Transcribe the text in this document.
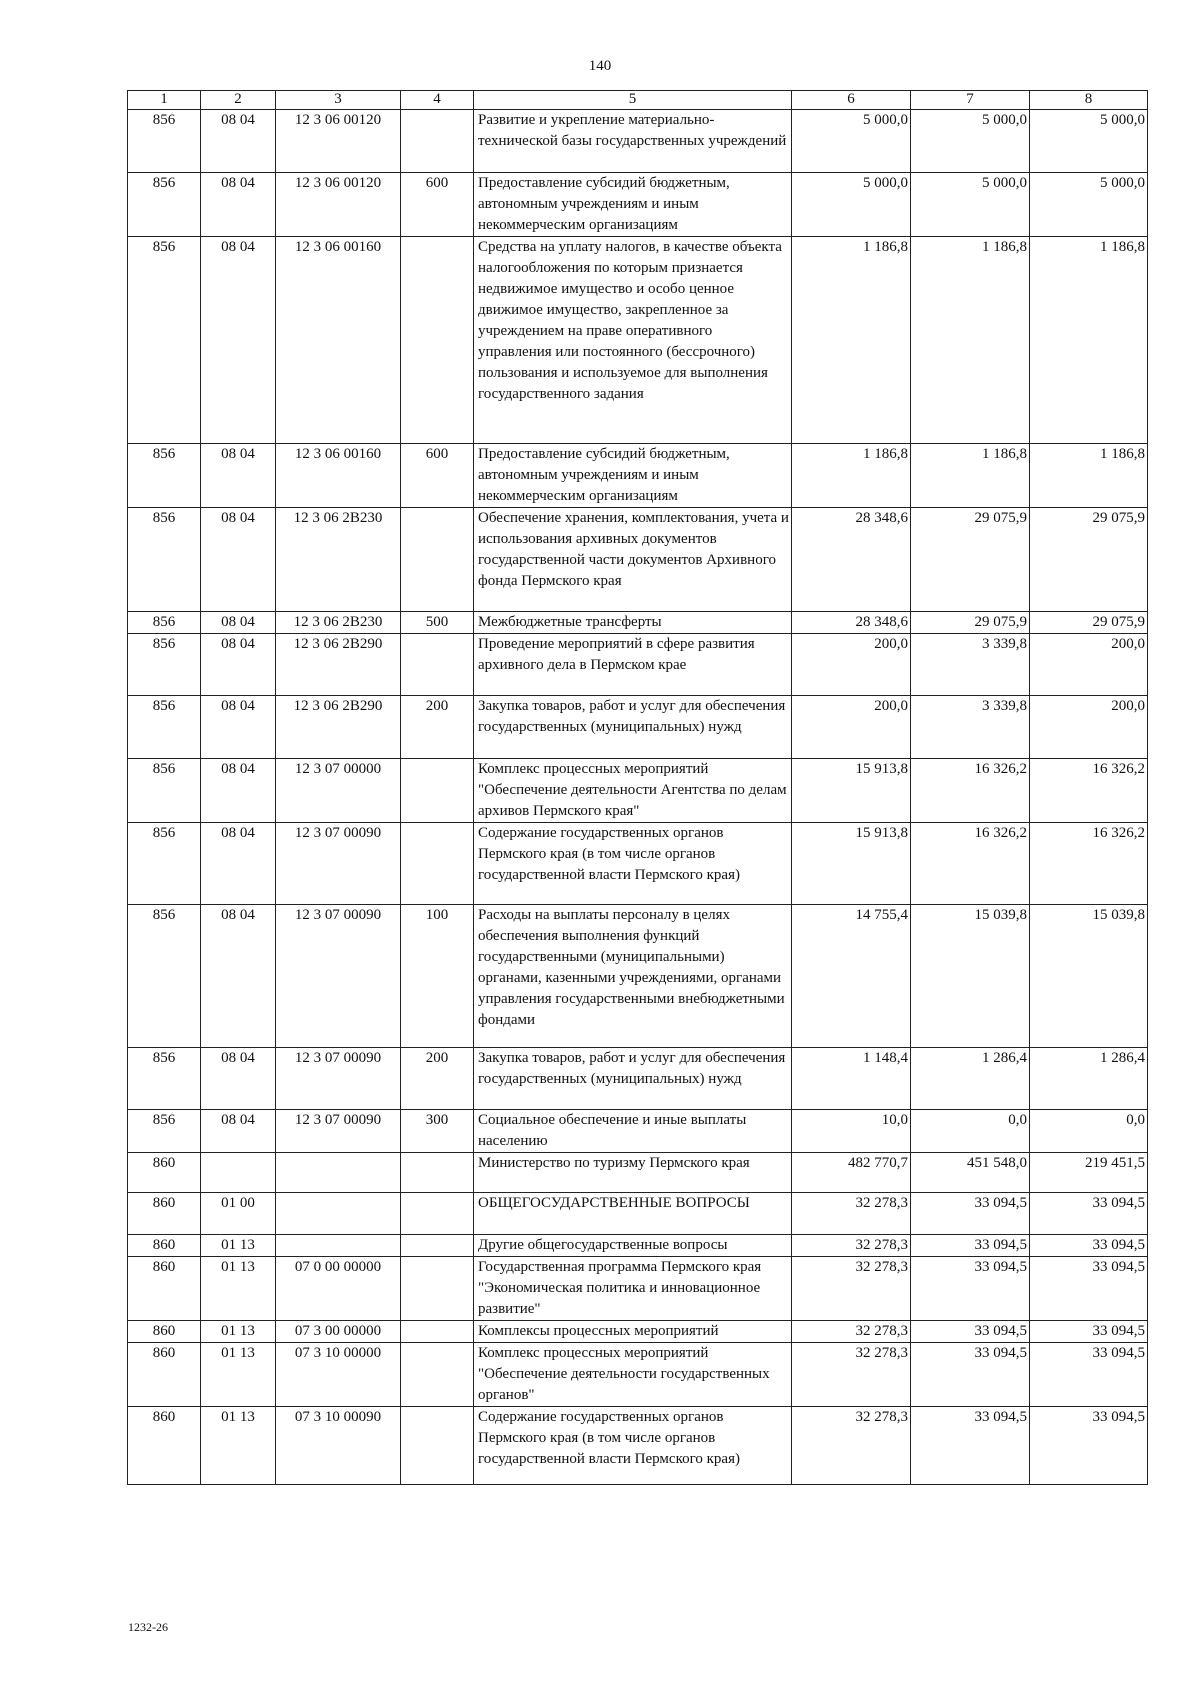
140
1	2	3	4	5	6	7	8
856	08 04	12 3 06 00120		Развитие и укрепление материально-технической базы государственных учреждений	5 000,0	5 000,0	5 000,0
856	08 04	12 3 06 00120	600	Предоставление субсидий бюджетным, автономным учреждениям и иным некоммерческим организациям	5 000,0	5 000,0	5 000,0
856	08 04	12 3 06 00160		Средства на уплату налогов, в качестве объекта налогообложения по которым признается недвижимое имущество и особо ценное движимое имущество, закрепленное за учреждением на праве оперативного управления или постоянного (бессрочного) пользования и используемое для выполнения государственного задания	1 186,8	1 186,8	1 186,8
856	08 04	12 3 06 00160	600	Предоставление субсидий бюджетным, автономным учреждениям и иным некоммерческим организациям	1 186,8	1 186,8	1 186,8
856	08 04	12 3 06 2В230		Обеспечение хранения, комплектования, учета и использования архивных документов государственной части документов Архивного фонда Пермского края	28 348,6	29 075,9	29 075,9
856	08 04	12 3 06 2В230	500	Межбюджетные трансферты	28 348,6	29 075,9	29 075,9
856	08 04	12 3 06 2В290		Проведение мероприятий в сфере развития архивного дела в Пермском крае	200,0	3 339,8	200,0
856	08 04	12 3 06 2В290	200	Закупка товаров, работ и услуг для обеспечения государственных (муниципальных) нужд	200,0	3 339,8	200,0
856	08 04	12 3 07 00000		Комплекс процессных мероприятий "Обеспечение деятельности Агентства по делам архивов Пермского края"	15 913,8	16 326,2	16 326,2
856	08 04	12 3 07 00090		Содержание государственных органов Пермского края (в том числе органов государственной власти Пермского края)	15 913,8	16 326,2	16 326,2
856	08 04	12 3 07 00090	100	Расходы на выплаты персоналу в целях обеспечения выполнения функций государственными (муниципальными) органами, казенными учреждениями, органами управления государственными внебюджетными фондами	14 755,4	15 039,8	15 039,8
856	08 04	12 3 07 00090	200	Закупка товаров, работ и услуг для обеспечения государственных (муниципальных) нужд	1 148,4	1 286,4	1 286,4
856	08 04	12 3 07 00090	300	Социальное обеспечение и иные выплаты населению	10,0	0,0	0,0
860				Министерство по туризму Пермского края	482 770,7	451 548,0	219 451,5
860	01 00			ОБЩЕГОСУДАРСТВЕННЫЕ ВОПРОСЫ	32 278,3	33 094,5	33 094,5
860	01 13			Другие общегосударственные вопросы	32 278,3	33 094,5	33 094,5
860	01 13	07 0 00 00000		Государственная программа Пермского края "Экономическая политика и инновационное развитие"	32 278,3	33 094,5	33 094,5
860	01 13	07 3 00 00000		Комплексы процессных мероприятий	32 278,3	33 094,5	33 094,5
860	01 13	07 3 10 00000		Комплекс процессных мероприятий "Обеспечение деятельности государственных органов"	32 278,3	33 094,5	33 094,5
860	01 13	07 3 10 00090		Содержание государственных органов Пермского края (в том числе органов государственной власти Пермского края)	32 278,3	33 094,5	33 094,5
1232-26
